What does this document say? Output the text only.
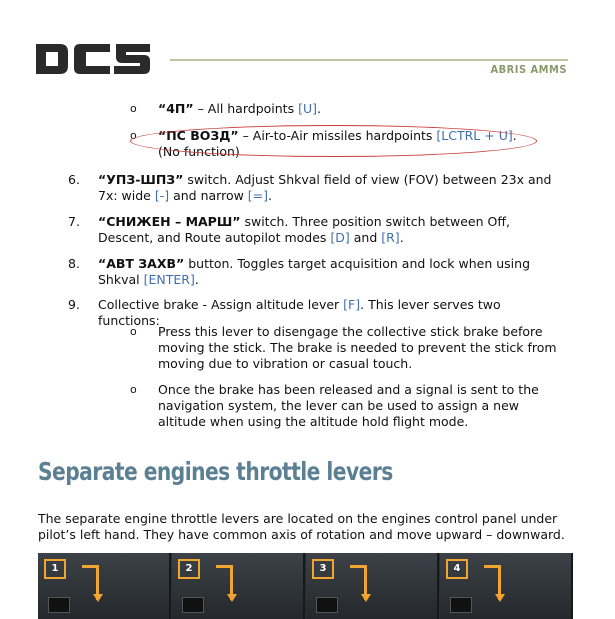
ABRIS AMMS
o “4П” – All hardpoints [U].
o “ПС ВОЗД” – Air-to-Air missiles hardpoints [LCTRL + U]. (No function)
6.	“УПЗ-ШПЗ” switch. Adjust Shkval field of view (FOV) between 23x and 7x: wide [-] and narrow [=].
7.	“СНИЖЕН – МАРШ” switch. Three position switch between Off, Descent, and Route autopilot modes [D] and [R].
8.	“АВТ ЗАХВ” button. Toggles target acquisition and lock when using Shkval [ENTER].
9.	Collective brake - Assign altitude lever [F]. This lever serves two functions:
o Press this lever to disengage the collective stick brake before moving the stick. The brake is needed to prevent the stick from moving due to vibration or casual touch.
o Once the brake has been released and a signal is sent to the navigation system, the lever can be used to assign a new altitude when using the altitude hold flight mode.
Separate engines throttle levers
The separate engine throttle levers are located on the engines control panel under pilot’s left hand. They have common axis of rotation and move upward – downward.
1	2	3	4
